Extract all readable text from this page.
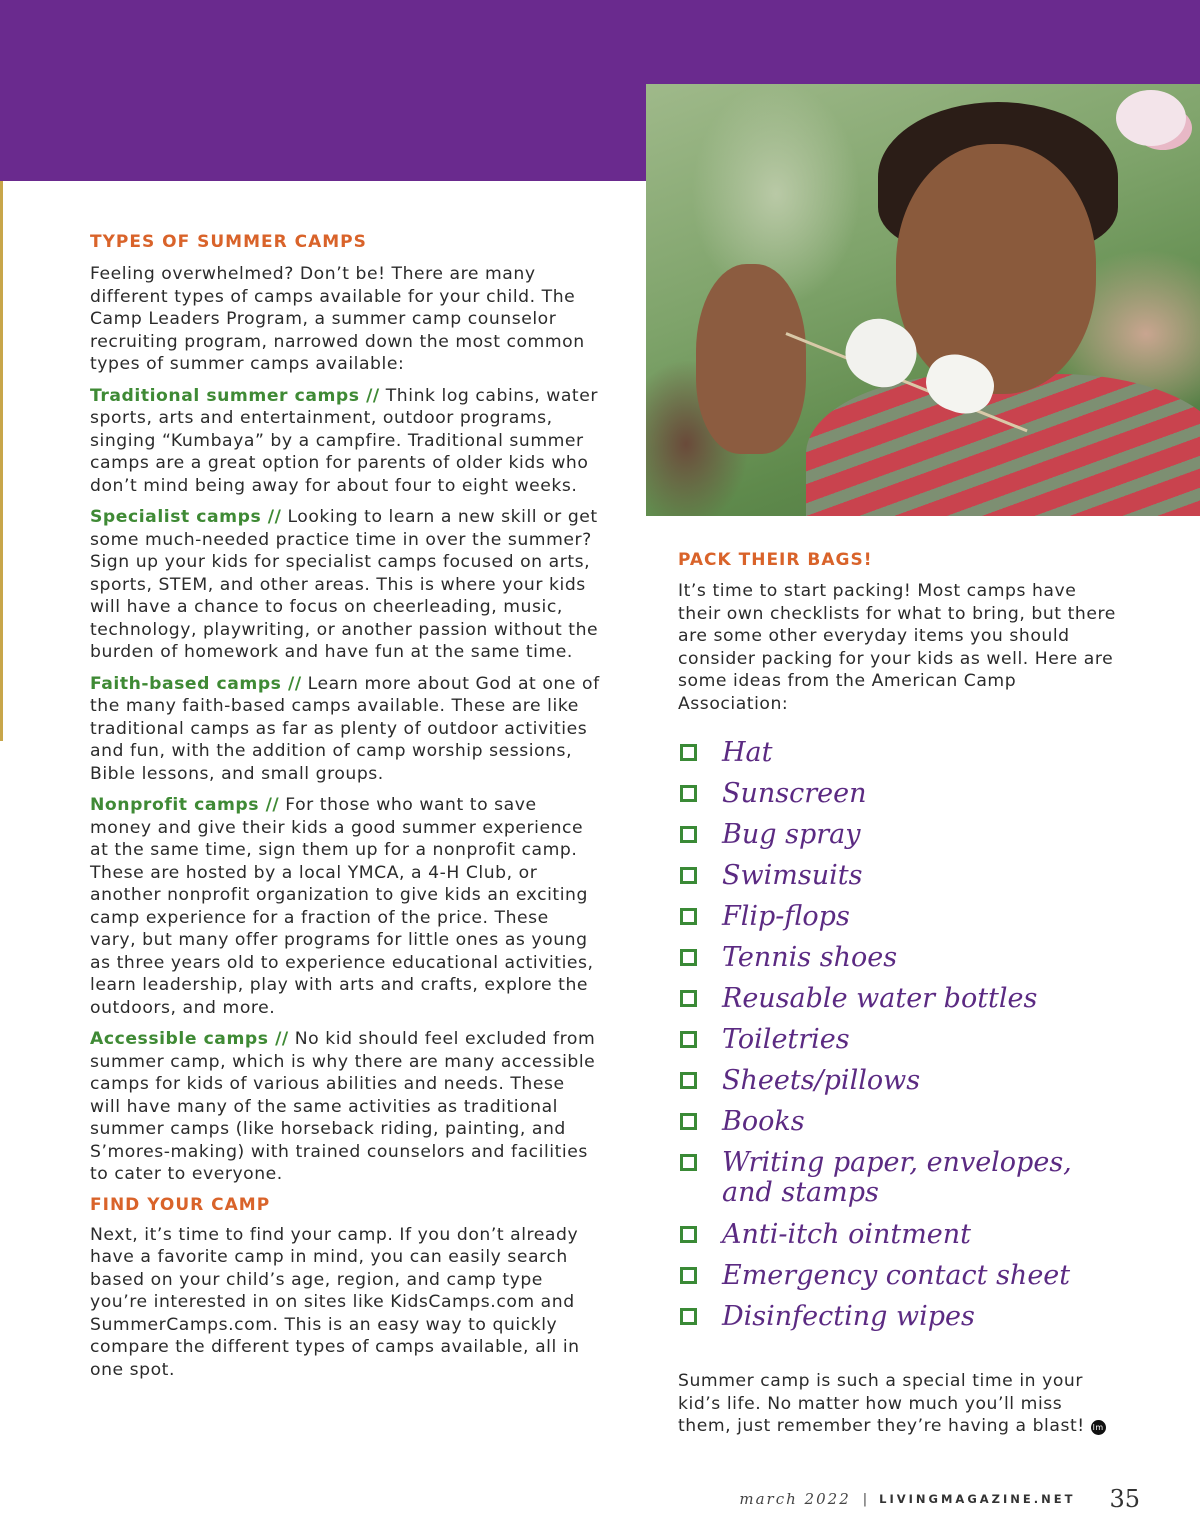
TYPES OF SUMMER CAMPS

Feeling overwhelmed? Don’t be! There are many different types of camps available for your child. The Camp Leaders Program, a summer camp counselor recruiting program, narrowed down the most common types of summer camps available:

Traditional summer camps // Think log cabins, water sports, arts and entertainment, outdoor programs, singing “Kumbaya” by a campfire. Traditional summer camps are a great option for parents of older kids who don’t mind being away for about four to eight weeks.

Specialist camps // Looking to learn a new skill or get some much-needed practice time in over the summer? Sign up your kids for specialist camps focused on arts, sports, STEM, and other areas. This is where your kids will have a chance to focus on cheerleading, music, technology, playwriting, or another passion without the burden of homework and have fun at the same time.

Faith-based camps // Learn more about God at one of the many faith-based camps available. These are like traditional camps as far as plenty of outdoor activities and fun, with the addition of camp worship sessions, Bible lessons, and small groups.

Nonprofit camps // For those who want to save money and give their kids a good summer experience at the same time, sign them up for a nonprofit camp. These are hosted by a local YMCA, a 4-H Club, or another nonprofit organization to give kids an exciting camp experience for a fraction of the price. These vary, but many offer programs for little ones as young as three years old to experience educational activities, learn leadership, play with arts and crafts, explore the outdoors, and more.

Accessible camps // No kid should feel excluded from summer camp, which is why there are many accessible camps for kids of various abilities and needs. These will have many of the same activities as traditional summer camps (like horseback riding, painting, and S’mores-making) with trained counselors and facilities to cater to everyone.

FIND YOUR CAMP

Next, it’s time to find your camp. If you don’t already have a favorite camp in mind, you can easily search based on your child’s age, region, and camp type you’re interested in on sites like KidsCamps.com and SummerCamps.com. This is an easy way to quickly compare the different types of camps available, all in one spot.

PACK THEIR BAGS!

It’s time to start packing! Most camps have their own checklists for what to bring, but there are some other everyday items you should consider packing for your kids as well. Here are some ideas from the American Camp Association:

Hat
Sunscreen
Bug spray
Swimsuits
Flip-flops
Tennis shoes
Reusable water bottles
Toiletries
Sheets/pillows
Books
Writing paper, envelopes,
and stamps
Anti-itch ointment
Emergency contact sheet
Disinfecting wipes

Summer camp is such a special time in your kid’s life. No matter how much you’ll miss them, just remember they’re having a blast! lm

march 2022 | LIVINGMAGAZINE.NET 35
